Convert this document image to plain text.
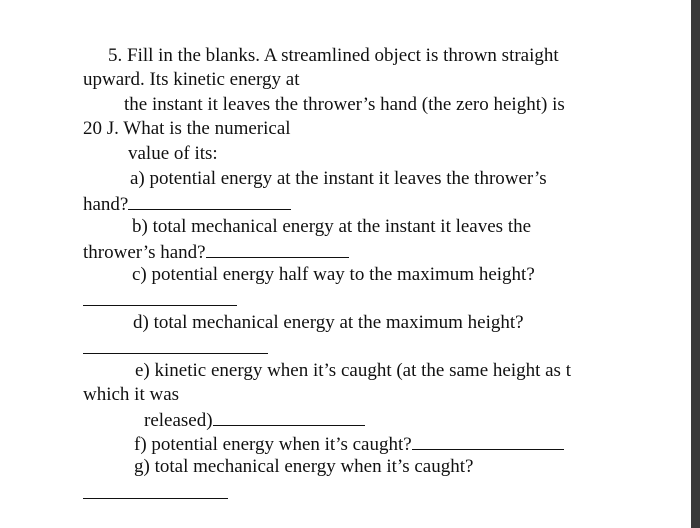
5. Fill in the blanks. A streamlined object is thrown straight
upward. Its kinetic energy at
the instant it leaves the thrower’s hand (the zero height) is
20 J. What is the numerical
value of its:
a) potential energy at the instant it leaves the thrower’s
hand?
b) total mechanical energy at the instant it leaves the
thrower’s hand?
c) potential energy half way to the maximum height?
d) total mechanical energy at the maximum height?
e) kinetic energy when it’s caught (at the same height as t
which it was
released)
f) potential energy when it’s caught?
g) total mechanical energy when it’s caught?
